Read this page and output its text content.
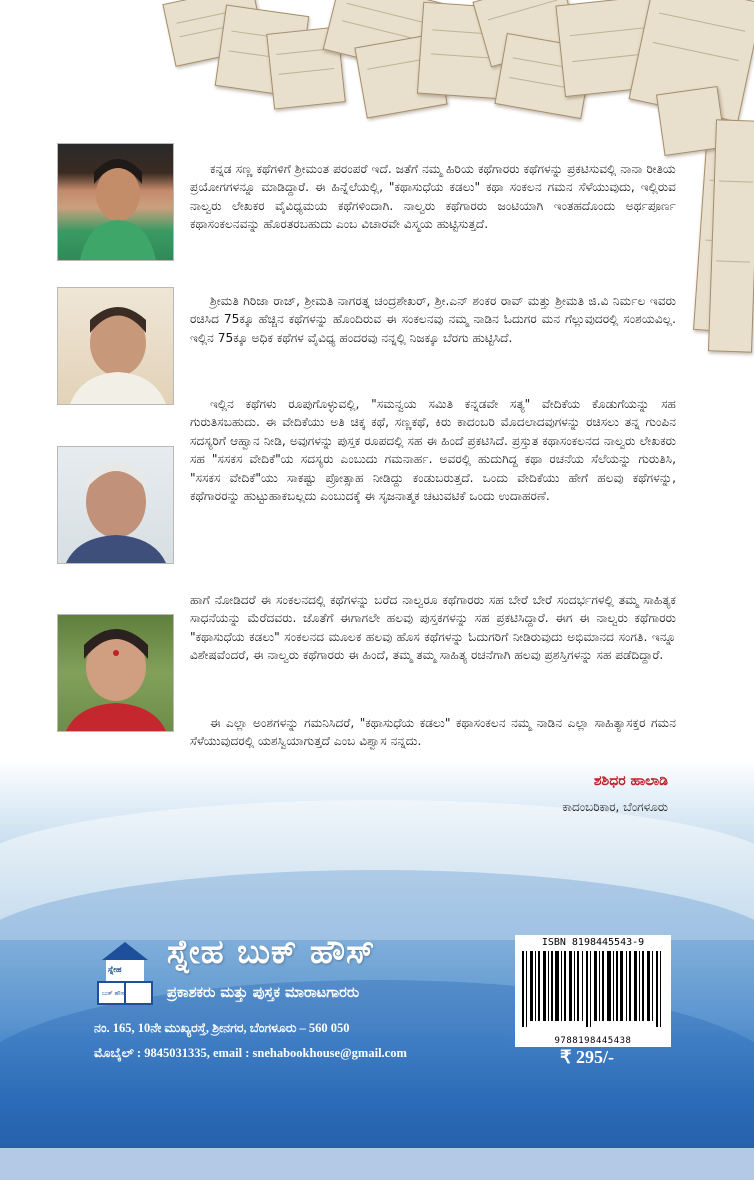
ಕನ್ನಡ ಸಣ್ಣ ಕಥೆಗಳಿಗೆ ಶ್ರೀಮಂತ ಪರಂಪರೆ ಇದೆ. ಜತೆಗೆ ನಮ್ಮ ಹಿರಿಯ ಕಥೆಗಾರರು ಕಥೆಗಳನ್ನು ಪ್ರಕಟಿಸುವಲ್ಲಿ ನಾನಾ ರೀತಿಯ ಪ್ರಯೋಗಗಳನ್ನೂ ಮಾಡಿದ್ದಾರೆ. ಈ ಹಿನ್ನೆಲೆಯಲ್ಲಿ, "ಕಥಾಸುಧೆಯ ಕಡಲು" ಕಥಾ ಸಂಕಲನ ಗಮನ ಸೆಳೆಯುವುದು, ಇಲ್ಲಿರುವ ನಾಲ್ವರು ಲೇಖಕರ ವೈವಿಧ್ಯಮಯ ಕಥೆಗಳಿಂದಾಗಿ. ನಾಲ್ವರು ಕಥೆಗಾರರು ಜಂಟಿಯಾಗಿ ಇಂತಹದೊಂದು ಅರ್ಥಪೂರ್ಣ ಕಥಾಸಂಕಲನವನ್ನು ಹೊರತರಬಹುದು ಎಂಬ ವಿಚಾರವೇ ವಿಸ್ಮಯ ಹುಟ್ಟಿಸುತ್ತದೆ.

ಶ್ರೀಮತಿ ಗಿರಿಜಾ ರಾಜ್, ಶ್ರೀಮತಿ ನಾಗರತ್ನ ಚಂದ್ರಶೇಖರ್, ಶ್ರೀ.ಎನ್ ಶಂಕರ ರಾವ್ ಮತ್ತು ಶ್ರೀಮತಿ ಜಿ.ವಿ ನಿರ್ಮಲ ಇವರು ರಚಿಸಿದ 75ಕ್ಕೂ ಹೆಚ್ಚಿನ ಕಥೆಗಳನ್ನು ಹೊಂದಿರುವ ಈ ಸಂಕಲನವು ನಮ್ಮ ನಾಡಿನ ಓದುಗರ ಮನ ಗೆಲ್ಲುವುದರಲ್ಲಿ ಸಂಶಯವಿಲ್ಲ. ಇಲ್ಲಿನ 75ಕ್ಕೂ ಅಧಿಕ ಕಥೆಗಳ ವೈವಿಧ್ಯ ಹಂದರವು ನನ್ನಲ್ಲಿ ನಿಜಕ್ಕೂ ಬೆರಗು ಹುಟ್ಟಿಸಿದೆ.

ಇಲ್ಲಿನ ಕಥೆಗಳು ರೂಪುಗೊಳ್ಳುವಲ್ಲಿ, "ಸಮನ್ವಯ ಸಮಿತಿ ಕನ್ನಡವೇ ಸತ್ಯ" ವೇದಿಕೆಯ ಕೊಡುಗೆಯನ್ನು ಸಹ ಗುರುತಿಸಬಹುದು. ಈ ವೇದಿಕೆಯು ಅತಿ ಚಿಕ್ಕ ಕಥೆ, ಸಣ್ಣಕಥೆ, ಕಿರು ಕಾದಂಬರಿ ಮೊದಲಾದವುಗಳನ್ನು ರಚಿಸಲು ತನ್ನ ಗುಂಪಿನ ಸದಸ್ಯರಿಗೆ ಆಹ್ವಾನ ನೀಡಿ, ಅವುಗಳನ್ನು ಪುಸ್ತಕ ರೂಪದಲ್ಲಿ ಸಹ ಈ ಹಿಂದೆ ಪ್ರಕಟಿಸಿದೆ. ಪ್ರಸ್ತುತ ಕಥಾಸಂಕಲನದ ನಾಲ್ವರು ಲೇಖಕರು ಸಹ "ಸಸಕಸ ವೇದಿಕೆ"ಯ ಸದಸ್ಯರು ಎಂಬುದು ಗಮನಾರ್ಹ. ಅವರಲ್ಲಿ ಹುದುಗಿದ್ದ ಕಥಾ ರಚನೆಯ ಸೆಲೆಯನ್ನು ಗುರುತಿಸಿ, "ಸಸಕಸ ವೇದಿಕೆ"ಯು ಸಾಕಷ್ಟು ಪ್ರೋತ್ಸಾಹ ನೀಡಿದ್ದು ಕಂಡುಬರುತ್ತದೆ. ಒಂದು ವೇದಿಕೆಯು ಹೇಗೆ ಹಲವು ಕಥೆಗಳನ್ನು, ಕಥೆಗಾರರನ್ನು ಹುಟ್ಟುಹಾಕಬಲ್ಲದು ಎಂಬುದಕ್ಕೆ ಈ ಸೃಜನಾತ್ಮಕ ಚಟುವಟಿಕೆ ಒಂದು ಉದಾಹರಣೆ.

ಹಾಗೆ ನೋಡಿದರೆ ಈ ಸಂಕಲನದಲ್ಲಿ ಕಥೆಗಳನ್ನು ಬರೆದ ನಾಲ್ವರೂ ಕಥೆಗಾರರು ಸಹ ಬೇರೆ ಬೇರೆ ಸಂದರ್ಭಗಳಲ್ಲಿ ತಮ್ಮ ಸಾಹಿತ್ಯಕ ಸಾಧನೆಯನ್ನು ಮೆರೆದವರು. ಜೊತೆಗೆ ಈಗಾಗಲೇ ಹಲವು ಪುಸ್ತಕಗಳನ್ನು ಸಹ ಪ್ರಕಟಿಸಿದ್ದಾರೆ. ಈಗ ಈ ನಾಲ್ವರು ಕಥೆಗಾರರು "ಕಥಾಸುಧೆಯ ಕಡಲು" ಸಂಕಲನದ ಮೂಲಕ ಹಲವು ಹೊಸ ಕಥೆಗಳನ್ನು ಓದುಗರಿಗೆ ನೀಡಿರುವುದು ಅಭಿಮಾನದ ಸಂಗತಿ. ಇನ್ನೂ ವಿಶೇಷವೆಂದರೆ, ಈ ನಾಲ್ವರು ಕಥೆಗಾರರು ಈ ಹಿಂದೆ, ತಮ್ಮ ತಮ್ಮ ಸಾಹಿತ್ಯ ರಚನೆಗಾಗಿ ಹಲವು ಪ್ರಶಸ್ತಿಗಳನ್ನು ಸಹ ಪಡೆದಿದ್ದಾರೆ.

ಈ ಎಲ್ಲಾ ಅಂಶಗಳನ್ನು ಗಮನಿಸಿದರೆ, "ಕಥಾಸುಧೆಯ ಕಡಲು" ಕಥಾಸಂಕಲನ ನಮ್ಮ ನಾಡಿನ ಎಲ್ಲಾ ಸಾಹಿತ್ಯಾಸಕ್ತರ ಗಮನ ಸೆಳೆಯುವುದರಲ್ಲಿ ಯಶಸ್ವಿಯಾಗುತ್ತದೆ ಎಂಬ ವಿಶ್ವಾಸ ನನ್ನದು.

ಶಶಿಧರ ಹಾಲಾಡಿ
ಕಾದಂಬರಿಕಾರ, ಬೆಂಗಳೂರು
ಸ್ನೇಹ
ಬುಕ್ ಹೌಸ್
ಸ್ನೇಹ ಬುಕ್ ಹೌಸ್
ಪ್ರಕಾಶಕರು ಮತ್ತು ಪುಸ್ತಕ ಮಾರಾಟಗಾರರು
ನಂ. 165, 10ನೇ ಮುಖ್ಯರಸ್ತೆ, ಶ್ರೀನಗರ, ಬೆಂಗಳೂರು – 560 050
ಮೊಬೈಲ್ : 9845031335, email : snehabookhouse@gmail.com
ISBN 8198445543-9
9788198445438
₹ 295/-
